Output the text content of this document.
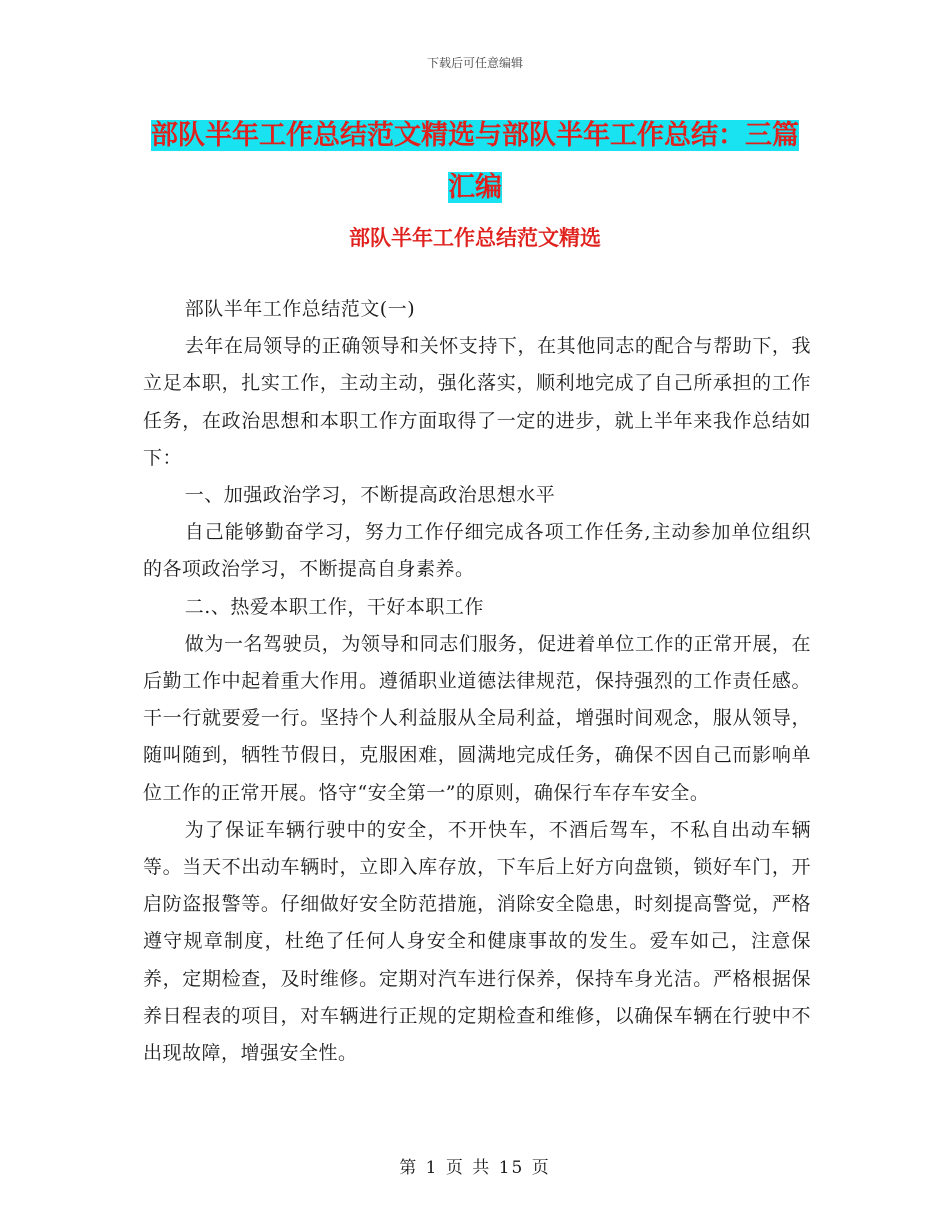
下载后可任意编辑
部队半年工作总结范文精选与部队半年工作总结：三篇汇编
部队半年工作总结范文精选

部队半年工作总结范文(一)

去年在局领导的正确领导和关怀支持下，在其他同志的配合与帮助下，我立足本职，扎实工作，主动主动，强化落实，顺利地完成了自己所承担的工作任务，在政治思想和本职工作方面取得了一定的进步，就上半年来我作总结如下：

一、加强政治学习，不断提高政治思想水平

自己能够勤奋学习，努力工作仔细完成各项工作任务,主动参加单位组织的各项政治学习，不断提高自身素养。

二.、热爱本职工作，干好本职工作

做为一名驾驶员，为领导和同志们服务，促进着单位工作的正常开展，在后勤工作中起着重大作用。遵循职业道德法律规范，保持强烈的工作责任感。干一行就要爱一行。坚持个人利益服从全局利益，增强时间观念，服从领导，随叫随到，牺牲节假日，克服困难，圆满地完成任务，确保不因自己而影响单位工作的正常开展。恪守“安全第一”的原则，确保行车存车安全。

为了保证车辆行驶中的安全，不开快车，不酒后驾车，不私自出动车辆等。当天不出动车辆时，立即入库存放，下车后上好方向盘锁，锁好车门，开启防盗报警等。仔细做好安全防范措施，消除安全隐患，时刻提高警觉，严格遵守规章制度，杜绝了任何人身安全和健康事故的发生。爱车如己，注意保养，定期检查，及时维修。定期对汽车进行保养，保持车身光洁。严格根据保养日程表的项目，对车辆进行正规的定期检查和维修，以确保车辆在行驶中不出现故障，增强安全性。

第 1 页 共 15 页
